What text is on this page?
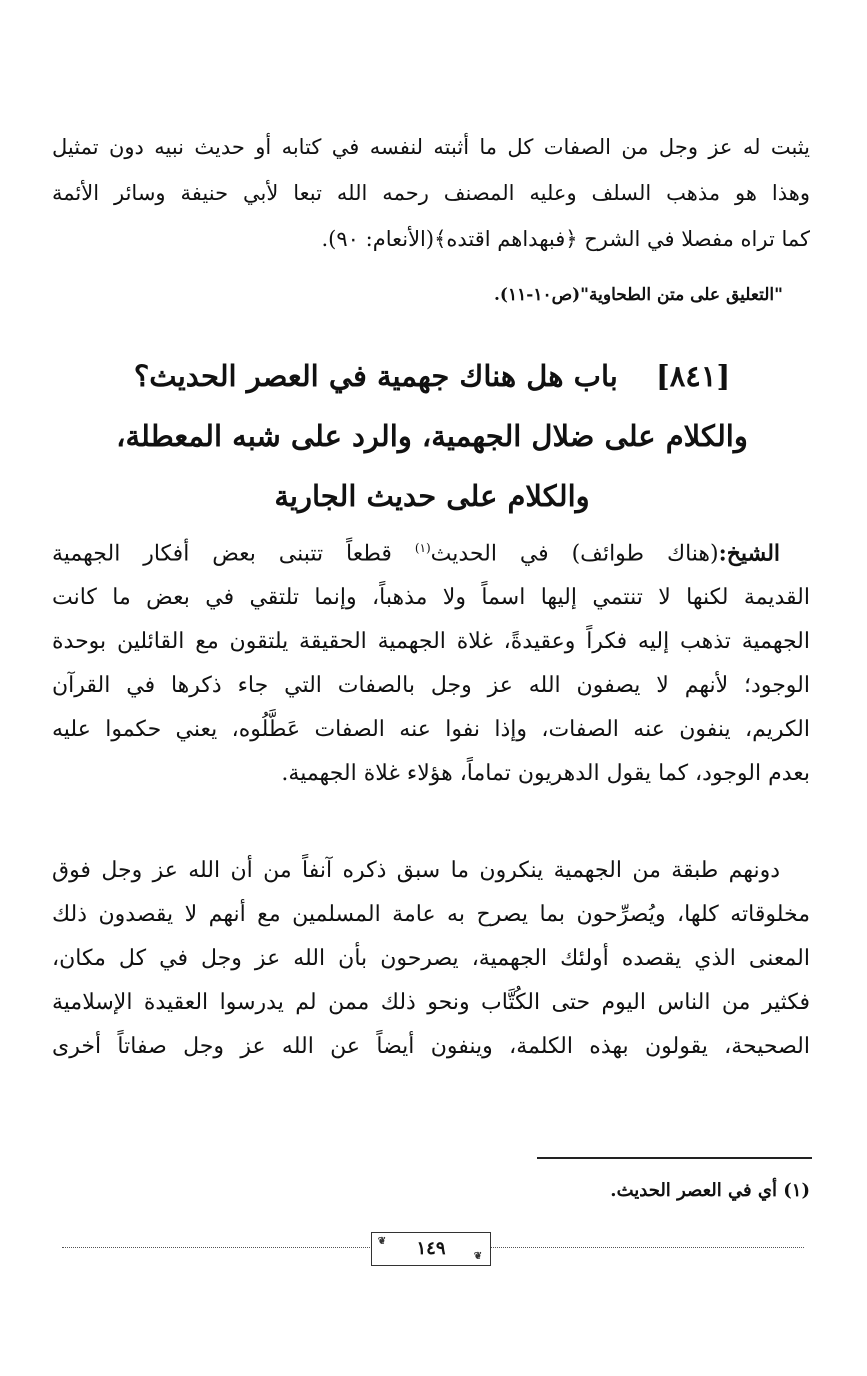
يثبت له عز وجل من الصفات كل ما أثبته لنفسه في كتابه أو حديث نبيه دون تمثيل
وهذا هو مذهب السلف وعليه المصنف رحمه الله تبعا لأبي حنيفة وسائر الأئمة
كما تراه مفصلا في الشرح ﴿فبهداهم اقتده﴾(الأنعام: ٩٠).
"التعليق على متن الطحاوية"(ص١٠-١١).
[٨٤١] باب هل هناك جهمية في العصر الحديث؟
والكلام على ضلال الجهمية، والرد على شبه المعطلة،
والكلام على حديث الجارية
الشيخ:(هناك طوائف) في الحديث$^{(١)}$ قطعاً تتبنى بعض أفكار الجهمية
القديمة لكنها لا تنتمي إليها اسماً ولا مذهباً، وإنما تلتقي في بعض ما كانت
الجهمية تذهب إليه فكراً وعقيدةً، غلاة الجهمية الحقيقة يلتقون مع القائلين بوحدة
الوجود؛ لأنهم لا يصفون الله عز وجل بالصفات التي جاء ذكرها في القرآن
الكريم، ينفون عنه الصفات، وإذا نفوا عنه الصفات عَطَّلُوه، يعني حكموا عليه
بعدم الوجود، كما يقول الدهريون تماماً، هؤلاء غلاة الجهمية.
دونهم طبقة من الجهمية ينكرون ما سبق ذكره آنفاً من أن الله عز وجل فوق
مخلوقاته كلها، ويُصرِّحون بما يصرح به عامة المسلمين مع أنهم لا يقصدون ذلك
المعنى الذي يقصده أولئك الجهمية، يصرحون بأن الله عز وجل في كل مكان،
فكثير من الناس اليوم حتى الكُتَّاب ونحو ذلك ممن لم يدرسوا العقيدة الإسلامية
الصحيحة، يقولون بهذه الكلمة، وينفون أيضاً عن الله عز وجل صفاتاً أخرى
(١) أي في العصر الحديث.
❦ ١٤٩	❦
